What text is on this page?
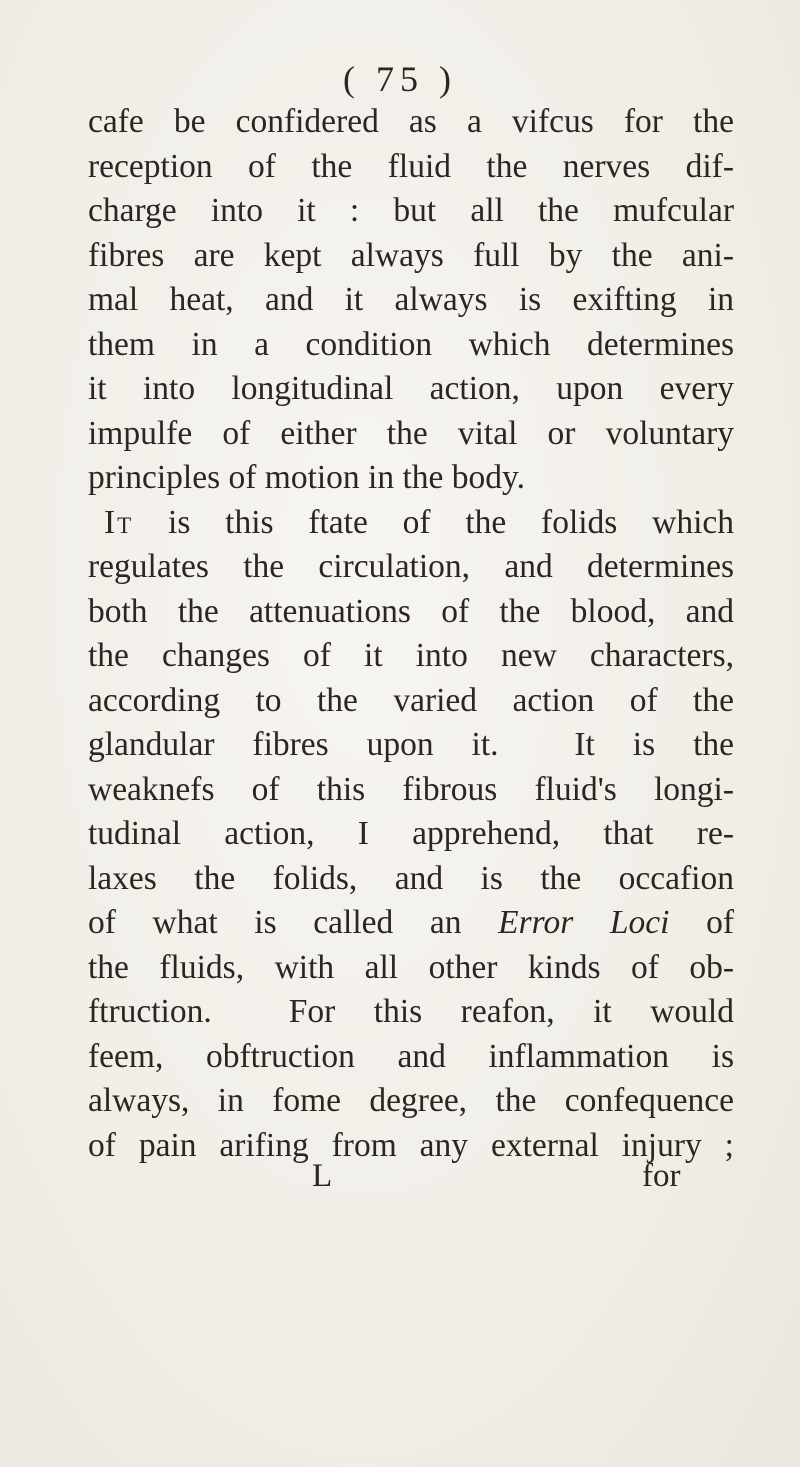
( 75 )
cafe be confidered as a vifcus for the
reception of the fluid the nerves dif-
charge into it : but all the mufcular
fibres are kept always full by the ani-
mal heat, and it always is exifting in
them in a condition which determines
it into longitudinal action, upon every
impulfe of either the vital or voluntary
principles of motion in the body.
It is this ftate of the folids which
regulates the circulation, and determines
both the attenuations of the blood, and
the changes of it into new characters,
according to the varied action of the
glandular fibres upon it.  It is the
weaknefs of this fibrous fluid's longi-
tudinal action, I apprehend, that re-
laxes the folids, and is the occafion
of what is called an Error Loci of
the fluids, with all other kinds of ob-
ftruction.  For this reafon, it would
feem, obftruction and inflammation is
always, in fome degree, the confequence
of pain arifing from any external injury ;
L	for
